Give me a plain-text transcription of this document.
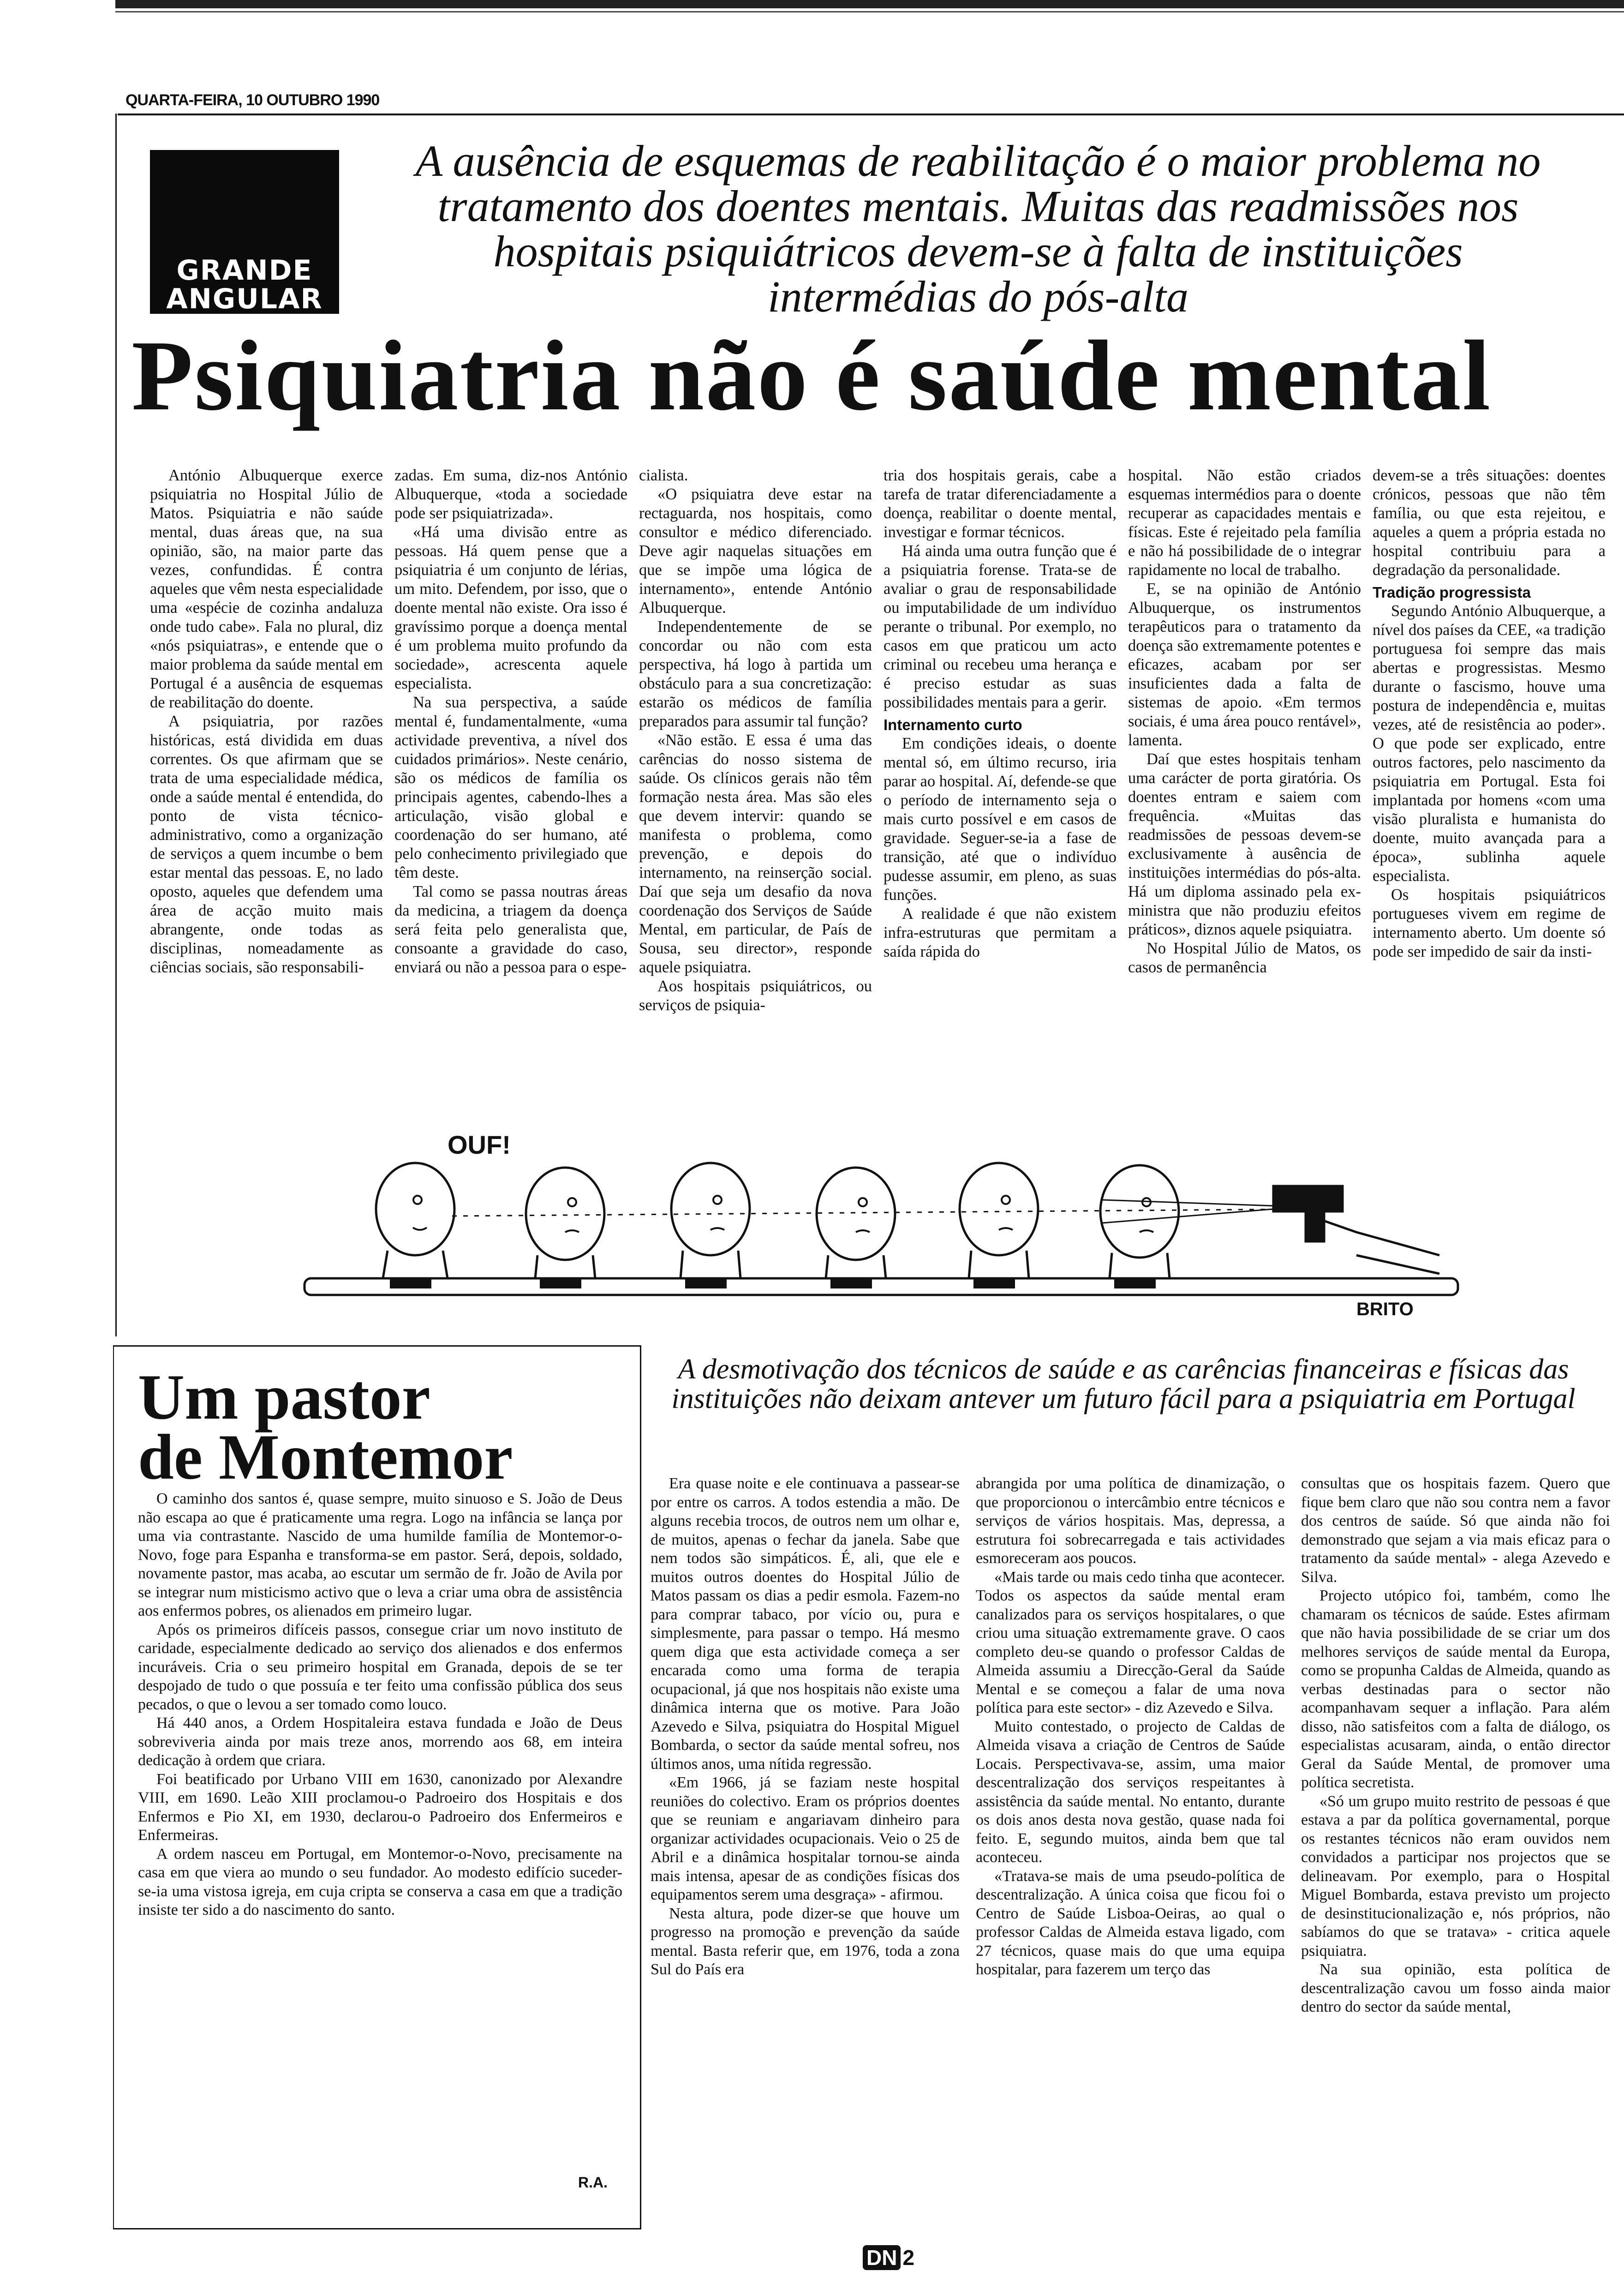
QUARTA-FEIRA, 10 OUTUBRO 1990
GRANDE ANGULAR
A ausência de esquemas de reabilitação é o maior problema no tratamento dos doentes mentais. Muitas das readmissões nos hospitais psiquiátricos devem-se à falta de instituições intermédias do pós-alta
Psiquiatria não é saúde mental

António Albuquerque exerce psiquiatria no Hospital Júlio de Matos. Psiquiatria e não saúde mental, duas áreas que, na sua opinião, são, na maior parte das vezes, confundidas. É contra aqueles que vêm nesta especialidade uma «espécie de cozinha andaluza onde tudo cabe». Fala no plural, diz «nós psiquiatras», e entende que o maior problema da saúde mental em Portugal é a ausência de esquemas de reabilitação do doente.

A psiquiatria, por razões históricas, está dividida em duas correntes. Os que afirmam que se trata de uma especialidade médica, onde a saúde mental é entendida, do ponto de vista técnico-administrativo, como a organização de serviços a quem incumbe o bem estar mental das pessoas. E, no lado oposto, aqueles que defendem uma área de acção muito mais abrangente, onde todas as disciplinas, nomeadamente as ciências sociais, são responsabili-

zadas. Em suma, diz-nos António Albuquerque, «toda a sociedade pode ser psiquiatrizada».

«Há uma divisão entre as pessoas. Há quem pense que a psiquiatria é um conjunto de lérias, um mito. Defendem, por isso, que o doente mental não existe. Ora isso é gravíssimo porque a doença mental é um problema muito profundo da sociedade», acrescenta aquele especialista.

Na sua perspectiva, a saúde mental é, fundamentalmente, «uma actividade preventiva, a nível dos cuidados primários». Neste cenário, são os médicos de família os principais agentes, cabendo-lhes a articulação, visão global e coordenação do ser humano, até pelo conhecimento privilegiado que têm deste.

Tal como se passa noutras áreas da medicina, a triagem da doença será feita pelo generalista que, consoante a gravidade do caso, enviará ou não a pessoa para o espe-

cialista.

«O psiquiatra deve estar na rectaguarda, nos hospitais, como consultor e médico diferenciado. Deve agir naquelas situações em que se impõe uma lógica de internamento», entende António Albuquerque.

Independentemente de se concordar ou não com esta perspectiva, há logo à partida um obstáculo para a sua concretização: estarão os médicos de família preparados para assumir tal função?

«Não estão. E essa é uma das carências do nosso sistema de saúde. Os clínicos gerais não têm formação nesta área. Mas são eles que devem intervir: quando se manifesta o problema, como prevenção, e depois do internamento, na reinserção social. Daí que seja um desafio da nova coordenação dos Serviços de Saúde Mental, em particular, de País de Sousa, seu director», responde aquele psiquiatra.

Aos hospitais psiquiátricos, ou serviços de psiquia-

tria dos hospitais gerais, cabe a tarefa de tratar diferenciadamente a doença, reabilitar o doente mental, investigar e formar técnicos.

Há ainda uma outra função que é a psiquiatria forense. Trata-se de avaliar o grau de responsabilidade ou imputabilidade de um indivíduo perante o tribunal. Por exemplo, no casos em que praticou um acto criminal ou recebeu uma herança e é preciso estudar as suas possibilidades mentais para a gerir.

Internamento curto

Em condições ideais, o doente mental só, em último recurso, iria parar ao hospital. Aí, defende-se que o período de internamento seja o mais curto possível e em casos de gravidade. Seguer-se-ia a fase de transição, até que o indivíduo pudesse assumir, em pleno, as suas funções.

A realidade é que não existem infra-estruturas que permitam a saída rápida do

hospital. Não estão criados esquemas intermédios para o doente recuperar as capacidades mentais e físicas. Este é rejeitado pela família e não há possibilidade de o integrar rapidamente no local de trabalho.

E, se na opinião de António Albuquerque, os instrumentos terapêuticos para o tratamento da doença são extremamente potentes e eficazes, acabam por ser insuficientes dada a falta de sistemas de apoio. «Em termos sociais, é uma área pouco rentável», lamenta.

Daí que estes hospitais tenham uma carácter de porta giratória. Os doentes entram e saiem com frequência. «Muitas das readmissões de pessoas devem-se exclusivamente à ausência de instituições intermédias do pós-alta. Há um diploma assinado pela ex-ministra que não produziu efeitos práticos», diznos aquele psiquiatra.

No Hospital Júlio de Matos, os casos de permanência

devem-se a três situações: doentes crónicos, pessoas que não têm família, ou que esta rejeitou, e aqueles a quem a própria estada no hospital contribuiu para a degradação da personalidade.

Tradição progressista

Segundo António Albuquerque, a nível dos países da CEE, «a tradição portuguesa foi sempre das mais abertas e progressistas. Mesmo durante o fascismo, houve uma postura de independência e, muitas vezes, até de resistência ao poder». O que pode ser explicado, entre outros factores, pelo nascimento da psiquiatria em Portugal. Esta foi implantada por homens «com uma visão pluralista e humanista do doente, muito avançada para a época», sublinha aquele especialista.

Os hospitais psiquiátricos portugueses vivem em regime de internamento aberto. Um doente só pode ser impedido de sair da insti-

OUF!
BRITO
Um pastor
de Montemor

O caminho dos santos é, quase sempre, muito sinuoso e S. João de Deus não escapa ao que é praticamente uma regra. Logo na infância se lança por uma via contrastante. Nascido de uma humilde família de Montemor-o-Novo, foge para Espanha e transforma-se em pastor. Será, depois, soldado, novamente pastor, mas acaba, ao escutar um sermão de fr. João de Avila por se integrar num misticismo activo que o leva a criar uma obra de assistência aos enfermos pobres, os alienados em primeiro lugar.

Após os primeiros difíceis passos, consegue criar um novo instituto de caridade, especialmente dedicado ao serviço dos alienados e dos enfermos incuráveis. Cria o seu primeiro hospital em Granada, depois de se ter despojado de tudo o que possuía e ter feito uma confissão pública dos seus pecados, o que o levou a ser tomado como louco.

Há 440 anos, a Ordem Hospitaleira estava fundada e João de Deus sobreviveria ainda por mais treze anos, morrendo aos 68, em inteira dedicação à ordem que criara.

Foi beatificado por Urbano VIII em 1630, canonizado por Alexandre VIII, em 1690. Leão XIII proclamou-o Padroeiro dos Hospitais e dos Enfermos e Pio XI, em 1930, declarou-o Padroeiro dos Enfermeiros e Enfermeiras.

A ordem nasceu em Portugal, em Montemor-o-Novo, precisamente na casa em que viera ao mundo o seu fundador. Ao modesto edifício suceder-se-ia uma vistosa igreja, em cuja cripta se conserva a casa em que a tradição insiste ter sido a do nascimento do santo.

R.A.
A desmotivação dos técnicos de saúde e as carências financeiras e físicas das instituições não deixam antever um futuro fácil para a psiquiatria em Portugal

Era quase noite e ele continuava a passear-se por entre os carros. A todos estendia a mão. De alguns recebia trocos, de outros nem um olhar e, de muitos, apenas o fechar da janela. Sabe que nem todos são simpáticos. É, ali, que ele e muitos outros doentes do Hospital Júlio de Matos passam os dias a pedir esmola. Fazem-no para comprar tabaco, por vício ou, pura e simplesmente, para passar o tempo. Há mesmo quem diga que esta actividade começa a ser encarada como uma forma de terapia ocupacional, já que nos hospitais não existe uma dinâmica interna que os motive. Para João Azevedo e Silva, psiquiatra do Hospital Miguel Bombarda, o sector da saúde mental sofreu, nos últimos anos, uma nítida regressão.

«Em 1966, já se faziam neste hospital reuniões do colectivo. Eram os próprios doentes que se reuniam e angariavam dinheiro para organizar actividades ocupacionais. Veio o 25 de Abril e a dinâmica hospitalar tornou-se ainda mais intensa, apesar de as condições físicas dos equipamentos serem uma desgraça» - afirmou.

Nesta altura, pode dizer-se que houve um progresso na promoção e prevenção da saúde mental. Basta referir que, em 1976, toda a zona Sul do País era

abrangida por uma política de dinamização, o que proporcionou o intercâmbio entre técnicos e serviços de vários hospitais. Mas, depressa, a estrutura foi sobrecarregada e tais actividades esmoreceram aos poucos.

«Mais tarde ou mais cedo tinha que acontecer. Todos os aspectos da saúde mental eram canalizados para os serviços hospitalares, o que criou uma situação extremamente grave. O caos completo deu-se quando o professor Caldas de Almeida assumiu a Direcção-Geral da Saúde Mental e se começou a falar de uma nova política para este sector» - diz Azevedo e Silva.

Muito contestado, o projecto de Caldas de Almeida visava a criação de Centros de Saúde Locais. Perspectivava-se, assim, uma maior descentralização dos serviços respeitantes à assistência da saúde mental. No entanto, durante os dois anos desta nova gestão, quase nada foi feito. E, segundo muitos, ainda bem que tal aconteceu.

«Tratava-se mais de uma pseudo-política de descentralização. A única coisa que ficou foi o Centro de Saúde Lisboa-Oeiras, ao qual o professor Caldas de Almeida estava ligado, com 27 técnicos, quase mais do que uma equipa hospitalar, para fazerem um terço das

consultas que os hospitais fazem. Quero que fique bem claro que não sou contra nem a favor dos centros de saúde. Só que ainda não foi demonstrado que sejam a via mais eficaz para o tratamento da saúde mental» - alega Azevedo e Silva.

Projecto utópico foi, também, como lhe chamaram os técnicos de saúde. Estes afirmam que não havia possibilidade de se criar um dos melhores serviços de saúde mental da Europa, como se propunha Caldas de Almeida, quando as verbas destinadas para o sector não acompanhavam sequer a inflação. Para além disso, não satisfeitos com a falta de diálogo, os especialistas acusaram, ainda, o então director Geral da Saúde Mental, de promover uma política secretista.

«Só um grupo muito restrito de pessoas é que estava a par da política governamental, porque os restantes técnicos não eram ouvidos nem convidados a participar nos projectos que se delineavam. Por exemplo, para o Hospital Miguel Bombarda, estava previsto um projecto de desinstitucionalização e, nós próprios, não sabíamos do que se tratava» - critica aquele psiquiatra.

Na sua opinião, esta política de descentralização cavou um fosso ainda maior dentro do sector da saúde mental,

DN 2
